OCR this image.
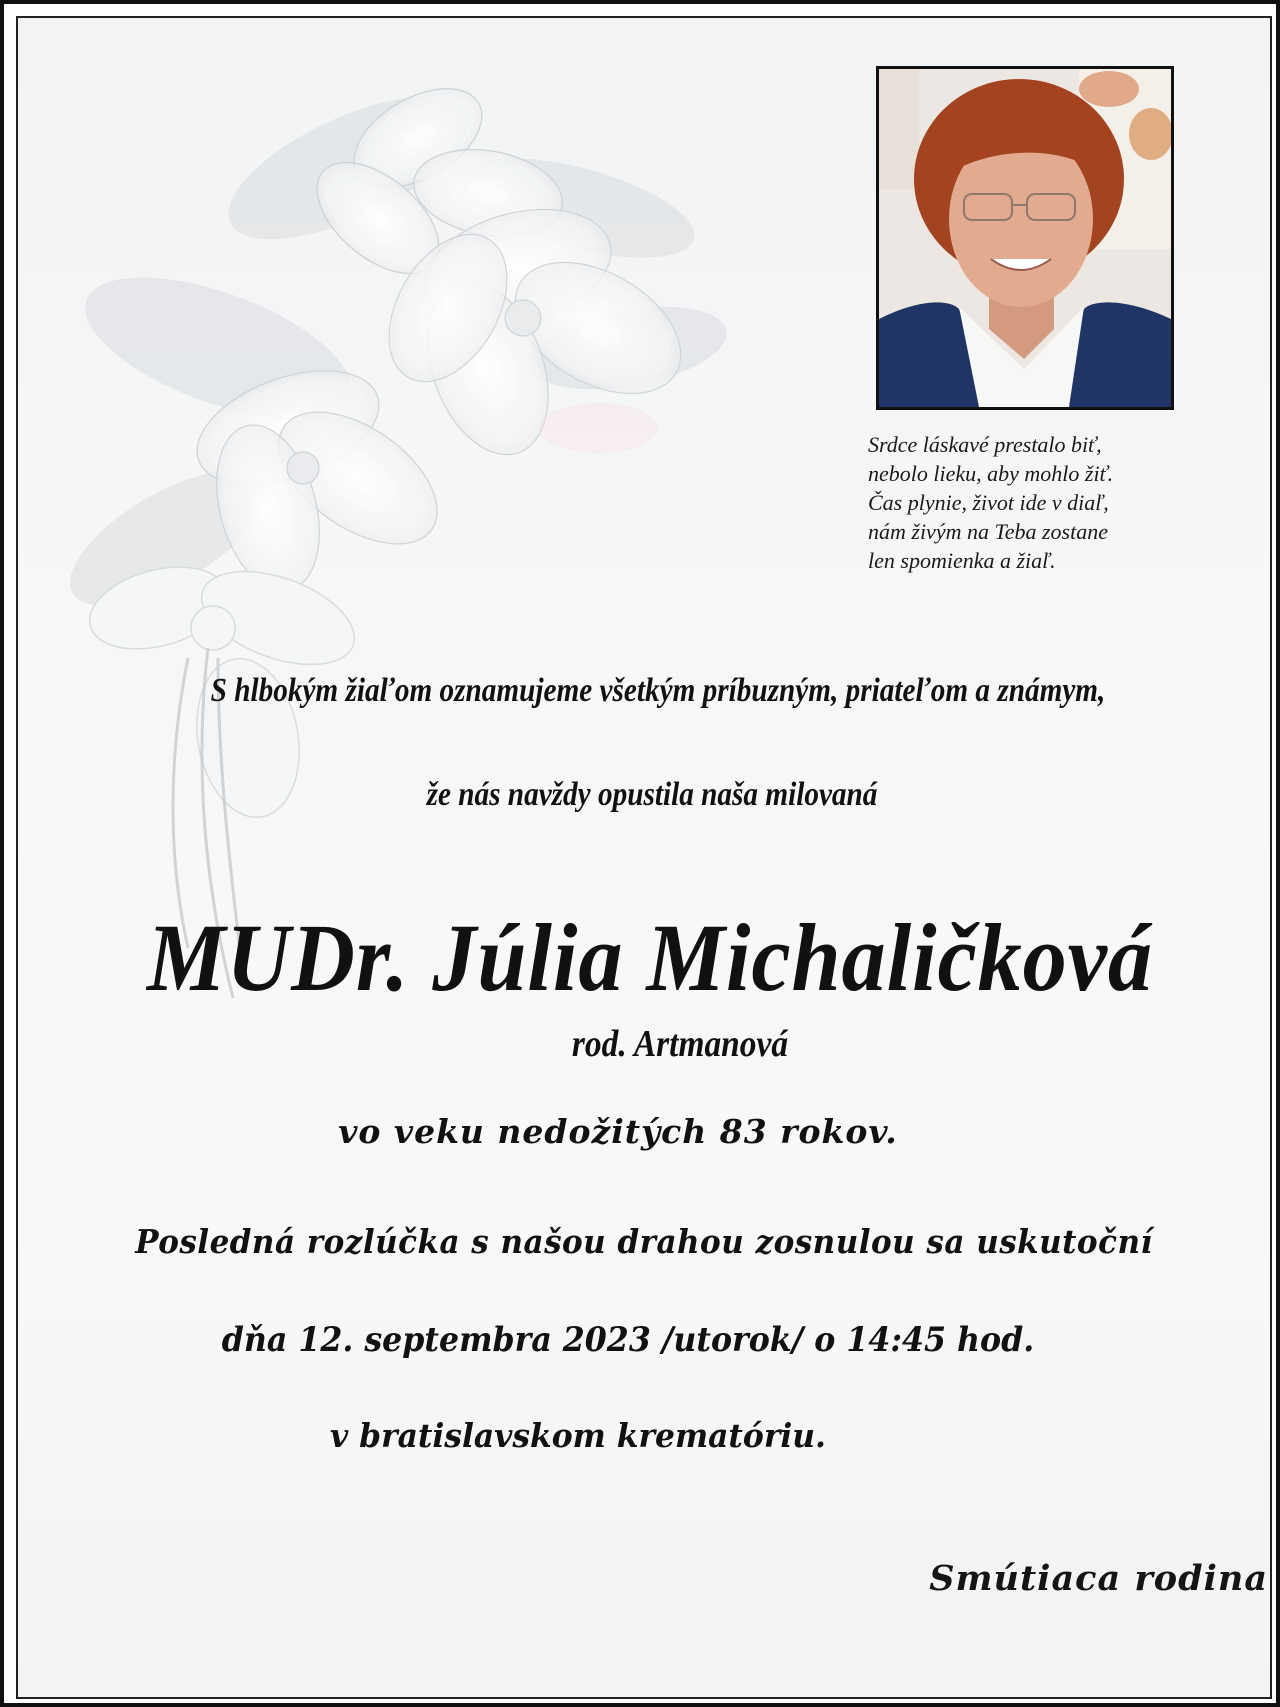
Srdce láskavé prestalo biť,
nebolo lieku, aby mohlo žiť.
Čas plynie, život ide v diaľ,
nám živým na Teba zostane
len spomienka a žiaľ.
S hlbokým žiaľom oznamujeme všetkým príbuzným, priateľom a známym,
že nás navždy opustila naša milovaná
MUDr. Júlia Michaličková
rod. Artmanová
vo veku nedožitých 83 rokov.
Posledná rozlúčka s našou drahou zosnulou sa uskutoční
dňa 12. septembra 2023 /utorok/ o 14:45 hod.
v bratislavskom krematóriu.
Smútiaca rodina
